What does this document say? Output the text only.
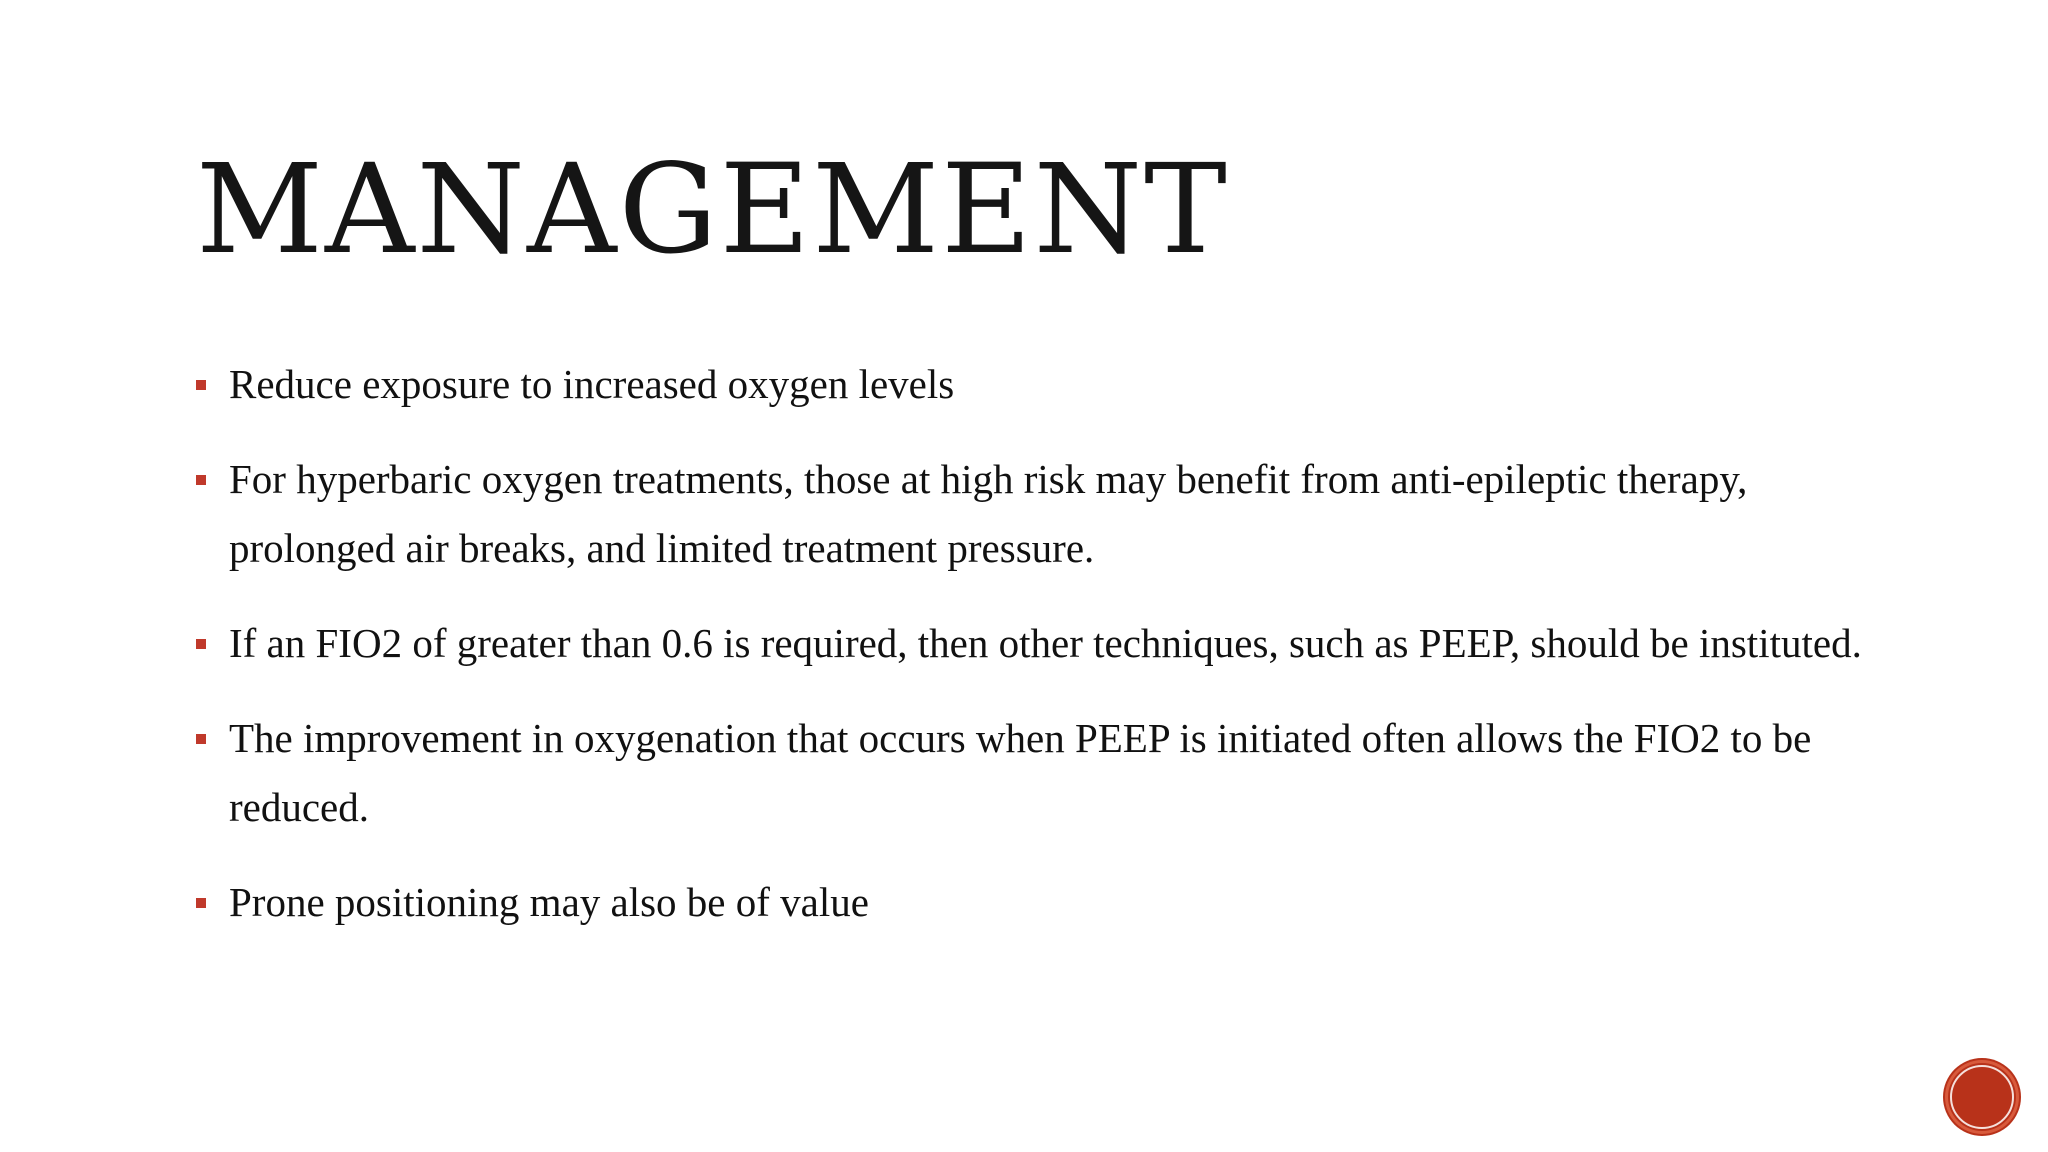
MANAGEMENT
Reduce exposure to increased oxygen levels
For hyperbaric oxygen treatments, those at high risk may benefit from anti-epileptic therapy, prolonged air breaks, and limited treatment pressure.
If an FIO2 of greater than 0.6 is required, then other techniques, such as PEEP, should be instituted.
The improvement in oxygenation that occurs when PEEP is initiated often allows the FIO2 to be reduced.
Prone positioning may also be of value
